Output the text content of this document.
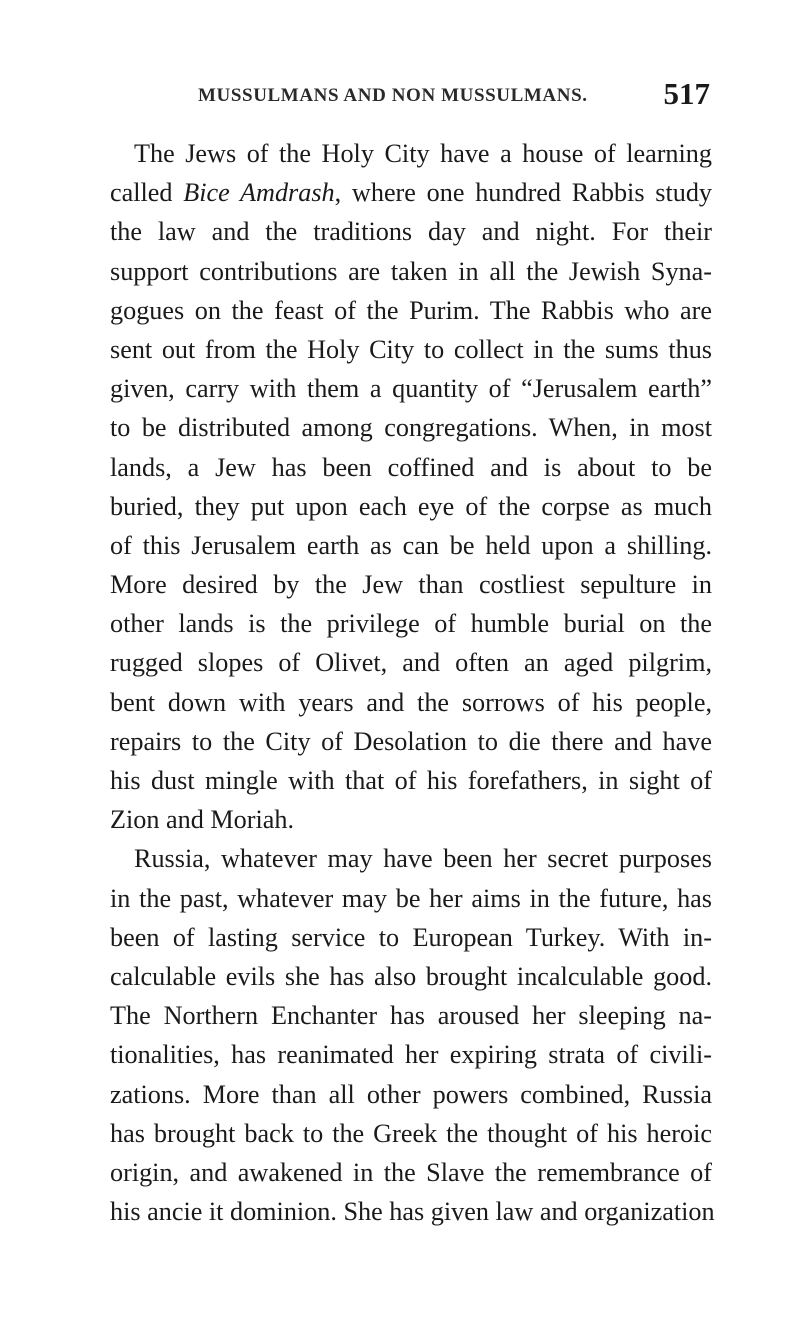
MUSSULMANS AND NON MUSSULMANS. 517
The Jews of the Holy City have a house of learning
called Bice Amdrash, where one hundred Rabbis study
the law and the traditions day and night. For their
support contributions are taken in all the Jewish Syna-
gogues on the feast of the Purim. The Rabbis who are
sent out from the Holy City to collect in the sums thus
given, carry with them a quantity of “Jerusalem earth”
to be distributed among congregations. When, in most
lands, a Jew has been coffined and is about to be
buried, they put upon each eye of the corpse as much
of this Jerusalem earth as can be held upon a shilling.
More desired by the Jew than costliest sepulture in
other lands is the privilege of humble burial on the
rugged slopes of Olivet, and often an aged pilgrim,
bent down with years and the sorrows of his people,
repairs to the City of Desolation to die there and have
his dust mingle with that of his forefathers, in sight of
Zion and Moriah.
Russia, whatever may have been her secret purposes
in the past, whatever may be her aims in the future, has
been of lasting service to European Turkey. With in-
calculable evils she has also brought incalculable good.
The Northern Enchanter has aroused her sleeping na-
tionalities, has reanimated her expiring strata of civili-
zations. More than all other powers combined, Russia
has brought back to the Greek the thought of his heroic
origin, and awakened in the Slave the remembrance of
his ancie it dominion. She has given law and organization
